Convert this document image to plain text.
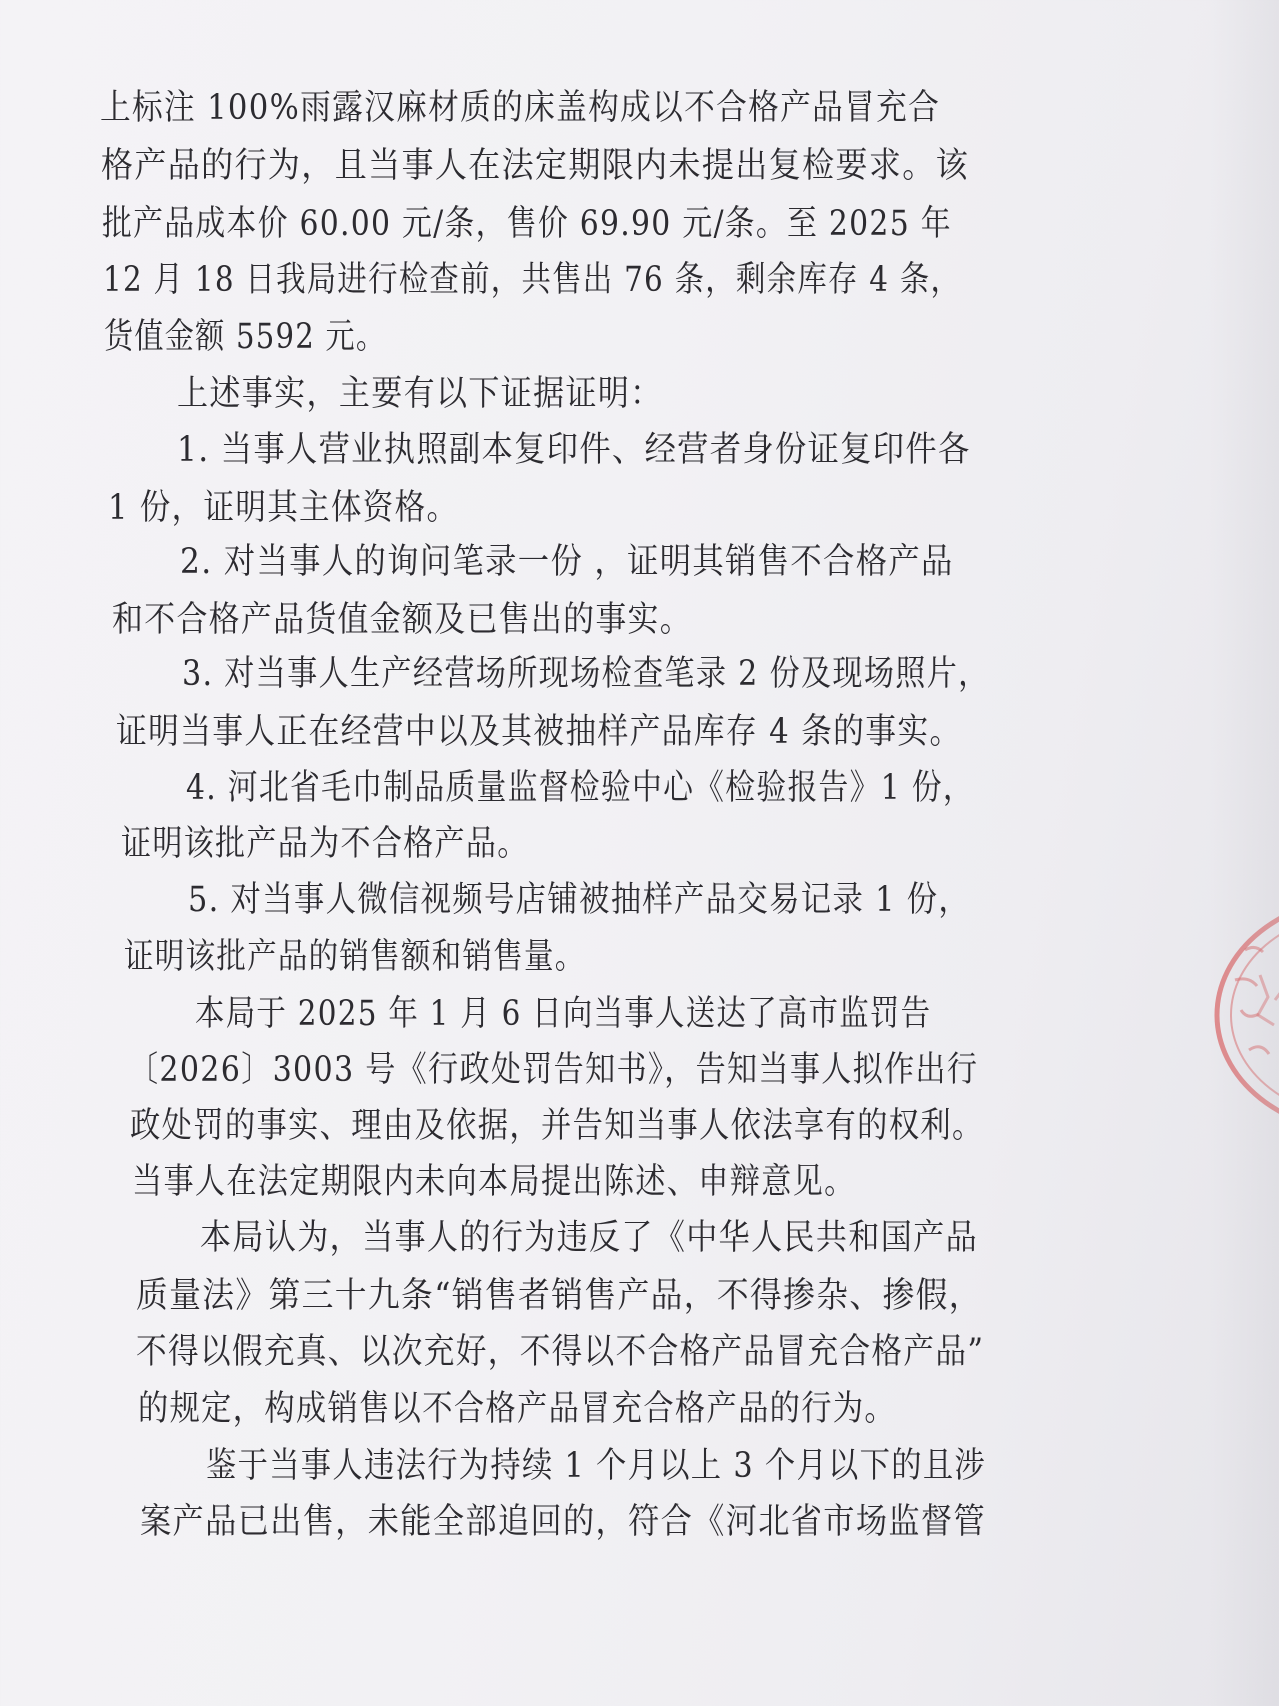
上标注 100%雨露汉麻材质的床盖构成以不合格产品冒充合
格产品的行为，且当事人在法定期限内未提出复检要求。该
批产品成本价 60.00 元/条，售价 69.90 元/条。至 2025 年
12 月 18 日我局进行检查前，共售出 76 条，剩余库存 4 条，
货值金额 5592 元。
上述事实，主要有以下证据证明：
1. 当事人营业执照副本复印件、经营者身份证复印件各
1 份，证明其主体资格。
2. 对当事人的询问笔录一份 ，证明其销售不合格产品
和不合格产品货值金额及已售出的事实。
3. 对当事人生产经营场所现场检查笔录 2 份及现场照片，
证明当事人正在经营中以及其被抽样产品库存 4 条的事实。
4. 河北省毛巾制品质量监督检验中心《检验报告》1 份，
证明该批产品为不合格产品。
5. 对当事人微信视频号店铺被抽样产品交易记录 1 份，
证明该批产品的销售额和销售量。
本局于 2025 年 1 月 6 日向当事人送达了高市监罚告
〔2026〕3003 号《行政处罚告知书》，告知当事人拟作出行
政处罚的事实、理由及依据，并告知当事人依法享有的权利。
当事人在法定期限内未向本局提出陈述、申辩意见。
本局认为，当事人的行为违反了《中华人民共和国产品
质量法》第三十九条“销售者销售产品，不得掺杂、掺假，
不得以假充真、以次充好，不得以不合格产品冒充合格产品”
的规定，构成销售以不合格产品冒充合格产品的行为。
鉴于当事人违法行为持续 1 个月以上 3 个月以下的且涉
案产品已出售，未能全部追回的，符合《河北省市场监督管
